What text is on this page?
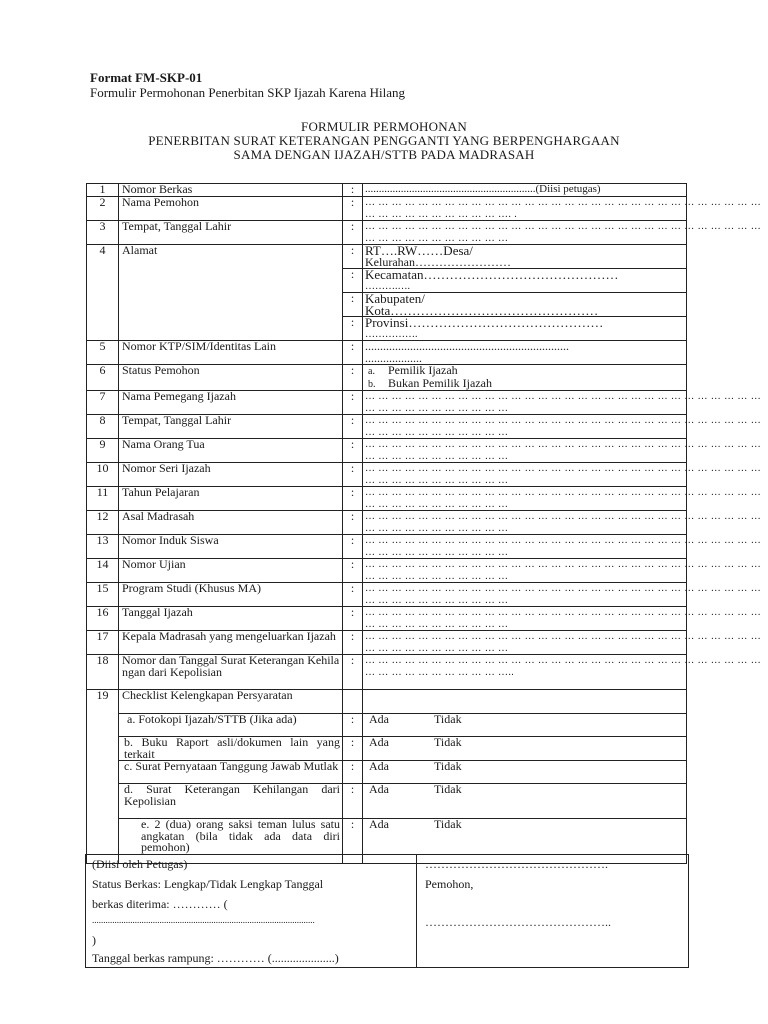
Format FM-SKP-01
Formulir Permohonan Penerbitan SKP Ijazah Karena Hilang
FORMULIR PERMOHONAN
PENERBITAN SURAT KETERANGAN PENGGANTI YANG BERPENGHARGAAN
SAMA DENGAN IJAZAH/STTB PADA MADRASAH
1	Nomor Berkas	:	..............................................................(Diisi petugas)
2	Nama Pemohon	:	… … … … … … … … … … … … … … … … … … … … … … … … … … … … … …
… … … … … … … … … … …. .

3	Tempat, Tanggal Lahir	:	… … … … … … … … … … … … … … … … … … … … … … … … … … … … … …
… … … … … … … … … … …

4	Alamat	:	RT….RW……Desa/
Kelurahan……………………

		:	Kecamatan………………………………………
……….….

		:	Kabupaten/
Kota…………………………………………

		:	Provinsi………………………………………
…………….

5	Nomor KTP/SIM/Identitas Lain	:	....................................................................
...................

6	Status Pemohon	:	a. Pemilik Ijazah
b. Bukan Pemilik Ijazah

7	Nama Pemegang Ijazah	:	… … … … … … … … … … … … … … … … … … … … … … … … … … … … … …
… … … … … … … … … … …

8	Tempat, Tanggal Lahir	:	… … … … … … … … … … … … … … … … … … … … … … … … … … … … … …
… … … … … … … … … … …

9	Nama Orang Tua	:	… … … … … … … … … … … … … … … … … … … … … … … … … … … … … …
… … … … … … … … … … …

10	Nomor Seri Ijazah	:	… … … … … … … … … … … … … … … … … … … … … … … … … … … … … …
… … … … … … … … … … …

11	Tahun Pelajaran	:	… … … … … … … … … … … … … … … … … … … … … … … … … … … … … …
… … … … … … … … … … …

12	Asal Madrasah	:	… … … … … … … … … … … … … … … … … … … … … … … … … … … … … …
… … … … … … … … … … …

13	Nomor Induk Siswa	:	… … … … … … … … … … … … … … … … … … … … … … … … … … … … … …
… … … … … … … … … … …

14	Nomor Ujian	:	… … … … … … … … … … … … … … … … … … … … … … … … … … … … … …
… … … … … … … … … … …

15	Program Studi (Khusus MA)	:	… … … … … … … … … … … … … … … … … … … … … … … … … … … … … …
… … … … … … … … … … …

16	Tanggal Ijazah	:	… … … … … … … … … … … … … … … … … … … … … … … … … … … … … …
… … … … … … … … … … …

17	Kepala Madrasah yang mengeluarkan Ijazah	:	… … … … … … … … … … … … … … … … … … … … … … … … … … … … … …
… … … … … … … … … … …

18	Nomor dan Tanggal Surat Keterangan Kehilangan dari Kepolisian	:	… … … … … … … … … … … … … … … … … … … … … … … … … … … … … …
… … … … … … … … … … …..

19	Checklist Kelengkapan Persyaratan		
	a. Fotokopi Ijazah/STTB (Jika ada)	:	Ada Tidak
	b. Buku Raport asli/dokumen lain yang terkait	:	Ada Tidak
	c. Surat Pernyataan Tanggung Jawab Mutlak	:	Ada Tidak
	d. Surat Keterangan Kehilangan dari Kepolisian	:	Ada Tidak
	e. 2 (dua) orang saksi teman lulus satu angkatan (bila tidak ada data diri pemohon)	:	Ada Tidak
(Diisi oleh Petugas)
Status Berkas: Lengkap/Tidak Lengkap Tanggal
berkas diterima: ………… (
...................................................................................................
)
Tanggal berkas rampung: ………… (.....................)
……………………………………….
Pemohon,
………………………………………..
